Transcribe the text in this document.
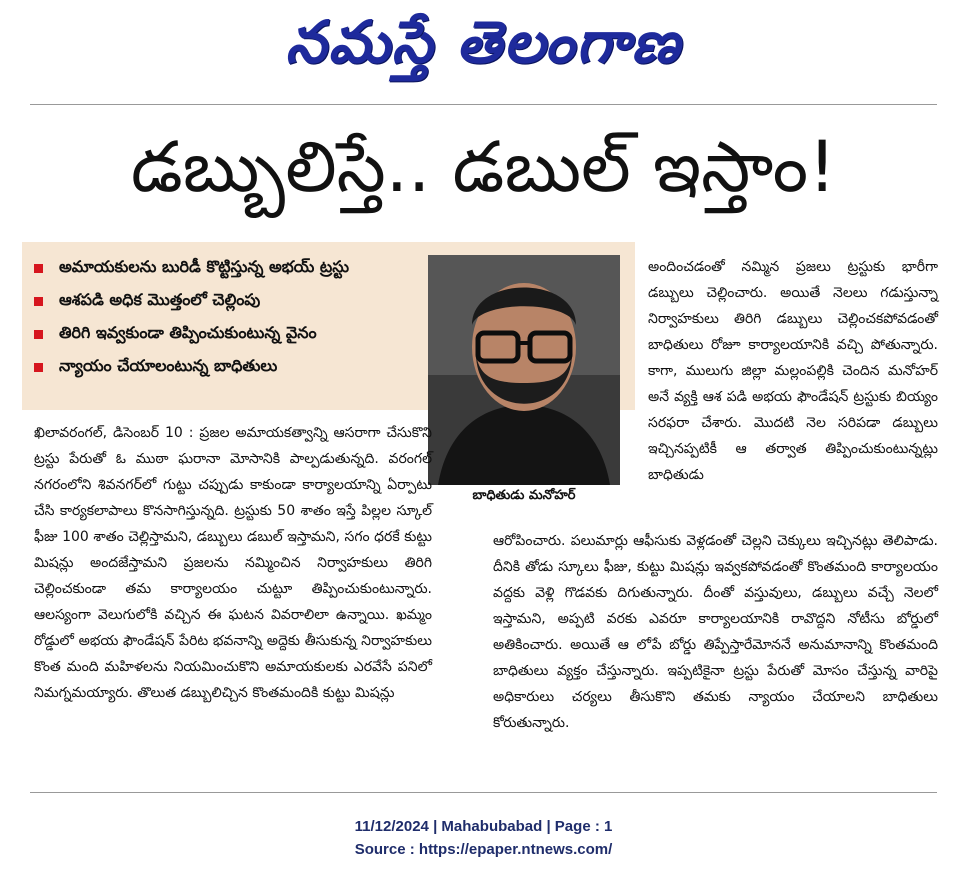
నమస్తే తెలంగాణ
డబ్బులిస్తే.. డబుల్ ఇస్తాం!
అమాయకులను బురిడీ కొట్టిస్తున్న అభయ్ ట్రస్టు
ఆశపడి అధిక మొత్తంలో చెల్లింపు
తిరిగి ఇవ్వకుండా తిప్పించుకుంటున్న వైనం
న్యాయం చేయాలంటున్న బాధితులు
బాధితుడు మనోహర్
ఖిలావరంగల్, డిసెంబర్ 10 : ప్రజల అమాయకత్వాన్ని ఆసరాగా చేసుకొని ట్రస్టు పేరుతో ఓ ముఠా ఘరానా మోసానికి పాల్పడుతున్నది. వరంగల్ నగరంలోని శివనగర్‌లో గుట్టు చప్పుడు కాకుండా కార్యాలయాన్ని ఏర్పాటు చేసి కార్యకలాపాలు కొనసాగిస్తున్నది. ట్రస్టుకు 50 శాతం ఇస్తే పిల్లల స్కూల్ ఫీజు 100 శాతం చెల్లిస్తామని, డబ్బులు డబుల్ ఇస్తామని, సగం ధరకే కుట్టు మిషన్లు అందజేస్తామని ప్రజలను నమ్మించిన నిర్వాహకులు తిరిగి చెల్లించకుండా తమ కార్యాలయం చుట్టూ తిప్పించుకుంటున్నారు. ఆలస్యంగా వెలుగులోకి వచ్చిన ఈ ఘటన వివరాలిలా ఉన్నాయి. ఖమ్మం రోడ్డులో అభయ ఫౌండేషన్ పేరిట భవనాన్ని అద్దెకు తీసుకున్న నిర్వాహకులు కొంత మంది మహిళలను నియమించుకొని అమాయకులకు ఎరవేసే పనిలో నిమగ్నమయ్యారు. తొలుత డబ్బులిచ్చిన కొంతమందికి కుట్టు మిషన్లు
అందించడంతో నమ్మిన ప్రజలు ట్రస్టుకు భారీగా డబ్బులు చెల్లించారు. అయితే నెలలు గడుస్తున్నా నిర్వాహకులు తిరిగి డబ్బులు చెల్లించకపోవడంతో బాధితులు రోజూ కార్యాలయానికి వచ్చి పోతున్నారు. కాగా, ములుగు జిల్లా మల్లంపల్లికి చెందిన మనోహర్ అనే వ్యక్తి ఆశ పడి అభయ ఫౌండేషన్ ట్రస్టుకు బియ్యం సరఫరా చేశారు. మొదటి నెల సరిపడా డబ్బులు ఇచ్చినప్పటికీ ఆ తర్వాత తిప్పించుకుంటున్నట్లు బాధితుడు
ఆరోపించారు. పలుమార్లు ఆఫీసుకు వెళ్లడంతో చెల్లని చెక్కులు ఇచ్చినట్లు తెలిపాడు. దీనికి తోడు స్కూలు ఫీజు, కుట్టు మిషన్లు ఇవ్వకపోవడంతో కొంతమంది కార్యాలయం వద్దకు వెళ్లి గొడవకు దిగుతున్నారు. దీంతో వస్తువులు, డబ్బులు వచ్చే నెలలో ఇస్తామని, అప్పటి వరకు ఎవరూ కార్యాలయానికి రావొద్దని నోటీసు బోర్డులో అతికించారు. అయితే ఆ లోపే బోర్డు తిప్పేస్తారేమోననే అనుమానాన్ని కొంతమంది బాధితులు వ్యక్తం చేస్తున్నారు. ఇప్పటికైనా ట్రస్టు పేరుతో మోసం చేస్తున్న వారిపై అధికారులు చర్యలు తీసుకొని తమకు న్యాయం చేయాలని బాధితులు కోరుతున్నారు.
11/12/2024 | Mahabubabad | Page : 1
Source : https://epaper.ntnews.com/
